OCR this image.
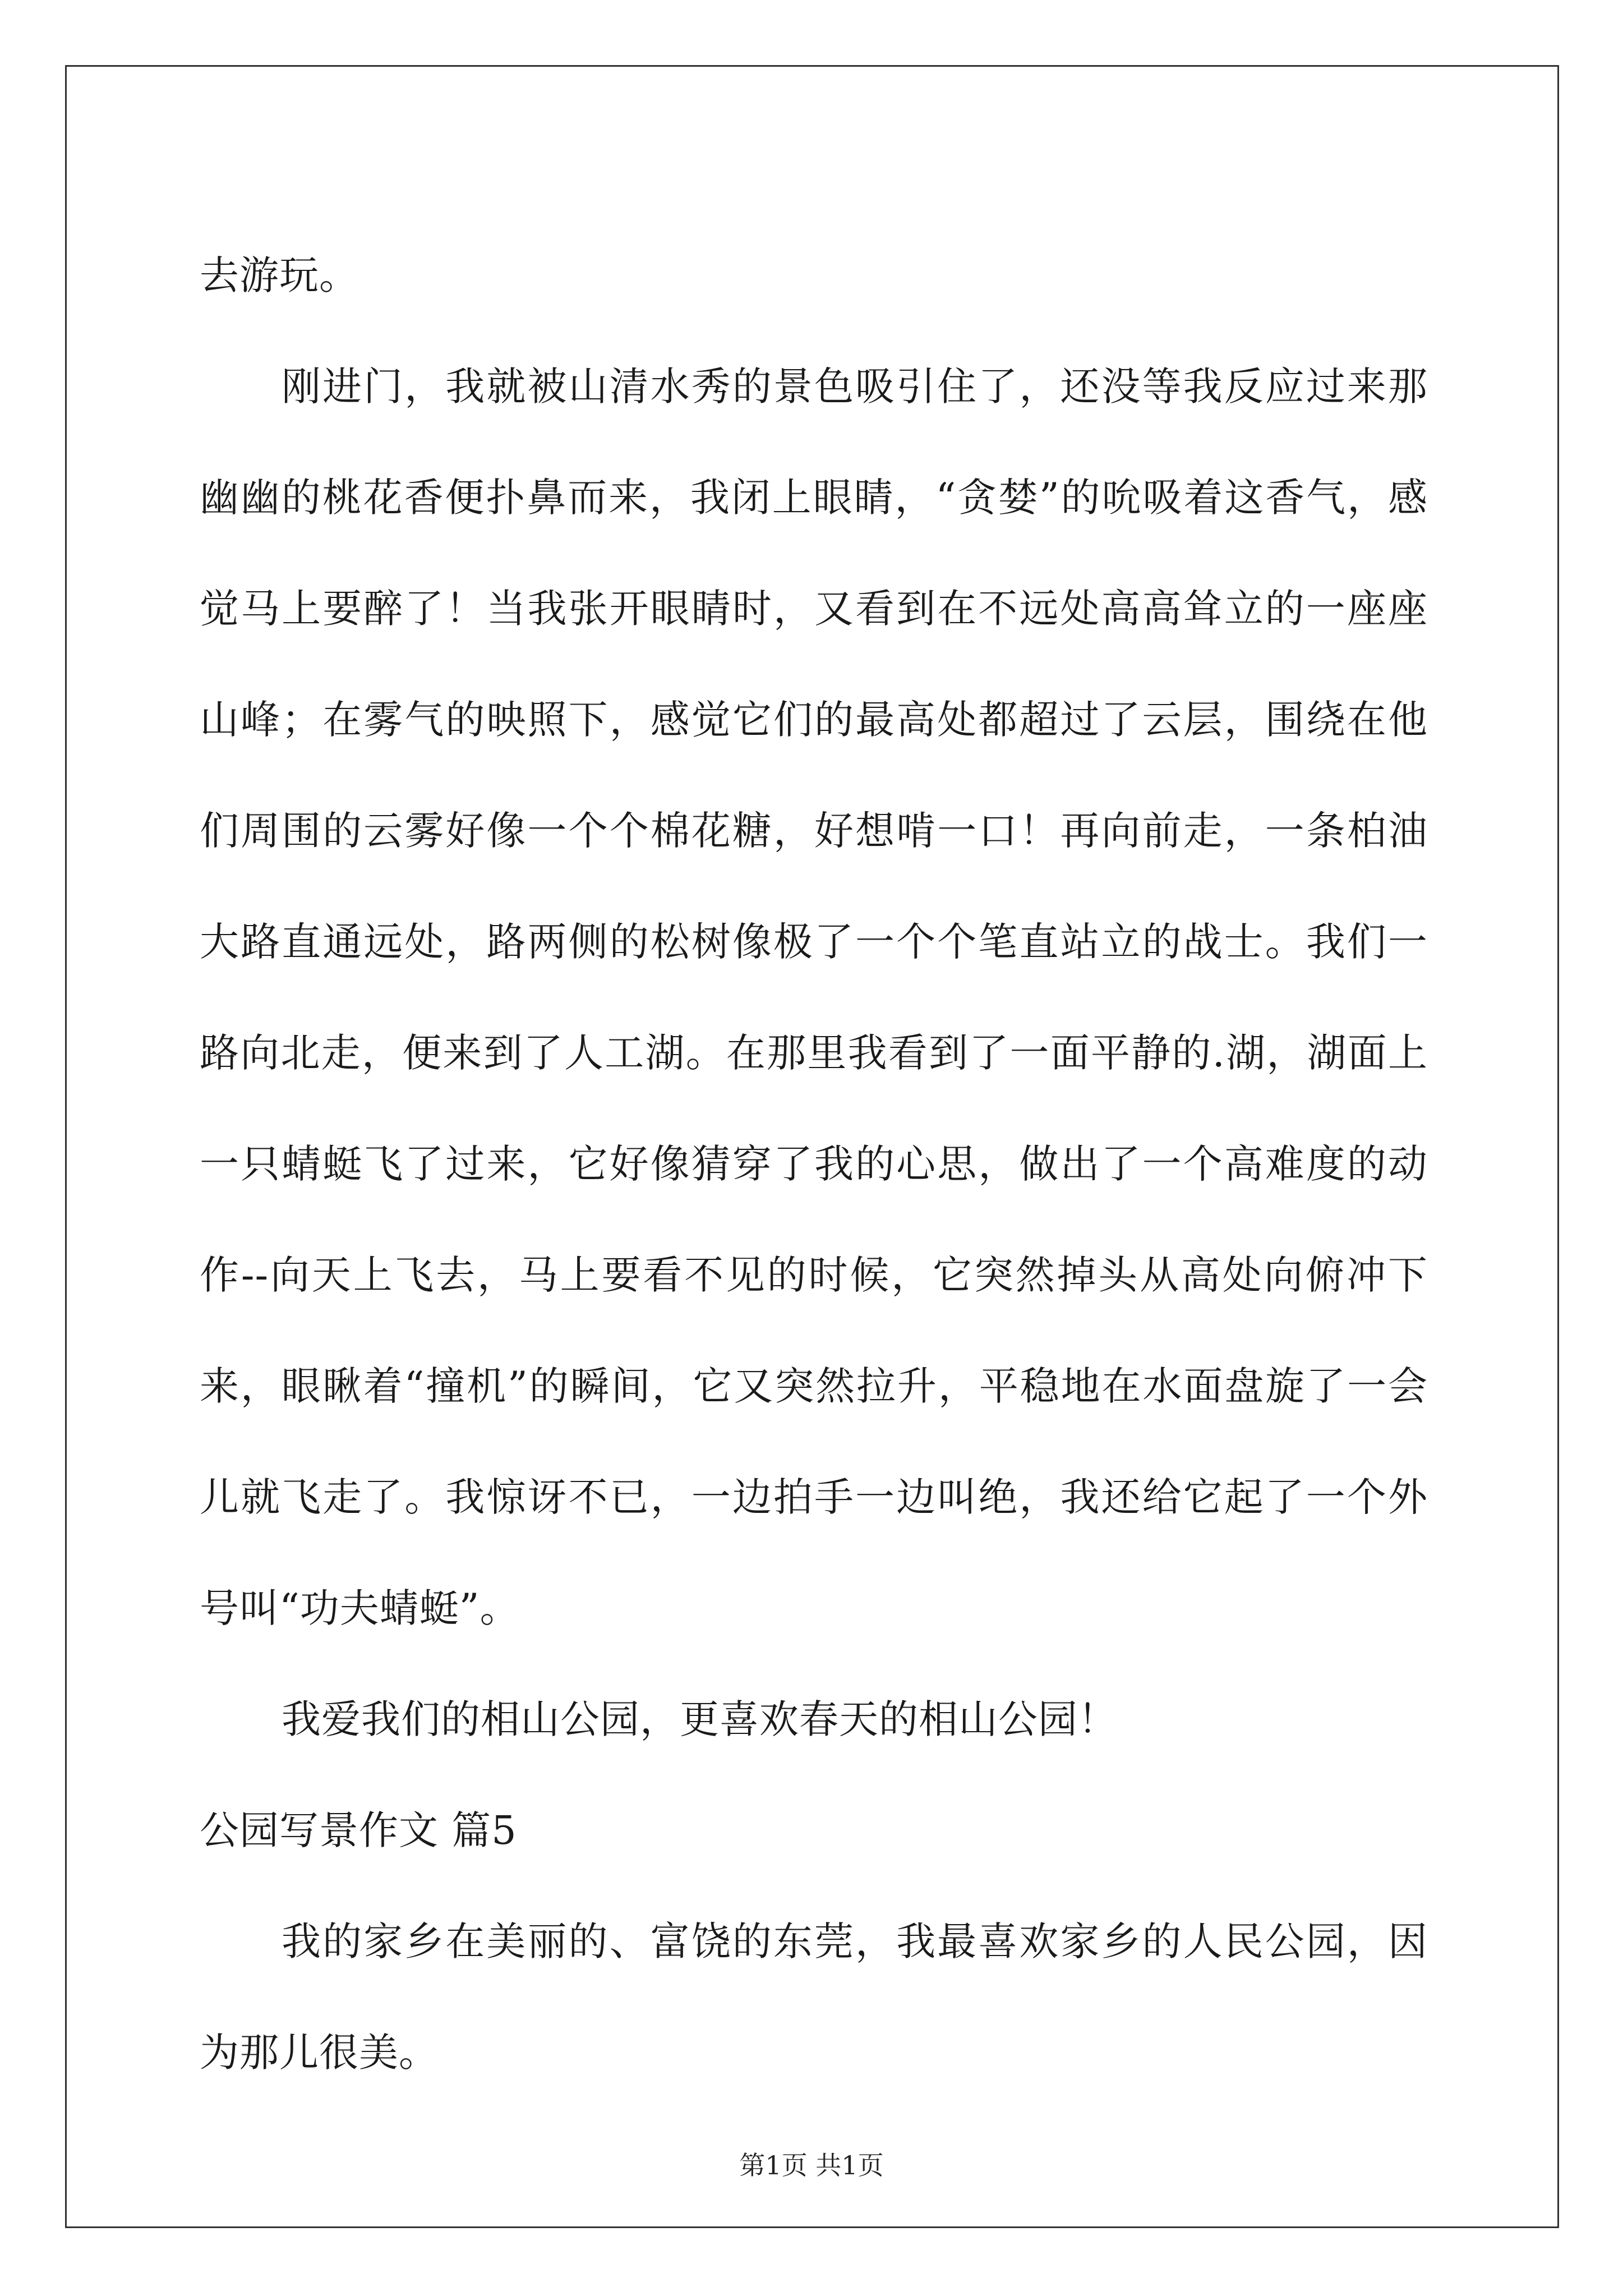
去游玩。

刚进门，我就被山清水秀的景色吸引住了，还没等我反应过来那幽幽的桃花香便扑鼻而来，我闭上眼睛，“贪婪”的吮吸着这香气，感觉马上要醉了！当我张开眼睛时，又看到在不远处高高耸立的一座座山峰；在雾气的映照下，感觉它们的最高处都超过了云层，围绕在他们周围的云雾好像一个个棉花糖，好想啃一口！再向前走，一条柏油大路直通远处，路两侧的松树像极了一个个笔直站立的战士。我们一路向北走，便来到了人工湖。在那里我看到了一面平静的.湖，湖面上一只蜻蜓飞了过来，它好像猜穿了我的心思，做出了一个高难度的动作--向天上飞去，马上要看不见的时候，它突然掉头从高处向俯冲下来，眼瞅着“撞机”的瞬间，它又突然拉升，平稳地在水面盘旋了一会儿就飞走了。我惊讶不已，一边拍手一边叫绝，我还给它起了一个外号叫“功夫蜻蜓”。

我爱我们的相山公园，更喜欢春天的相山公园！

公园写景作文 篇5

我的家乡在美丽的、富饶的东莞，我最喜欢家乡的人民公园，因为那儿很美。

第1页 共1页
